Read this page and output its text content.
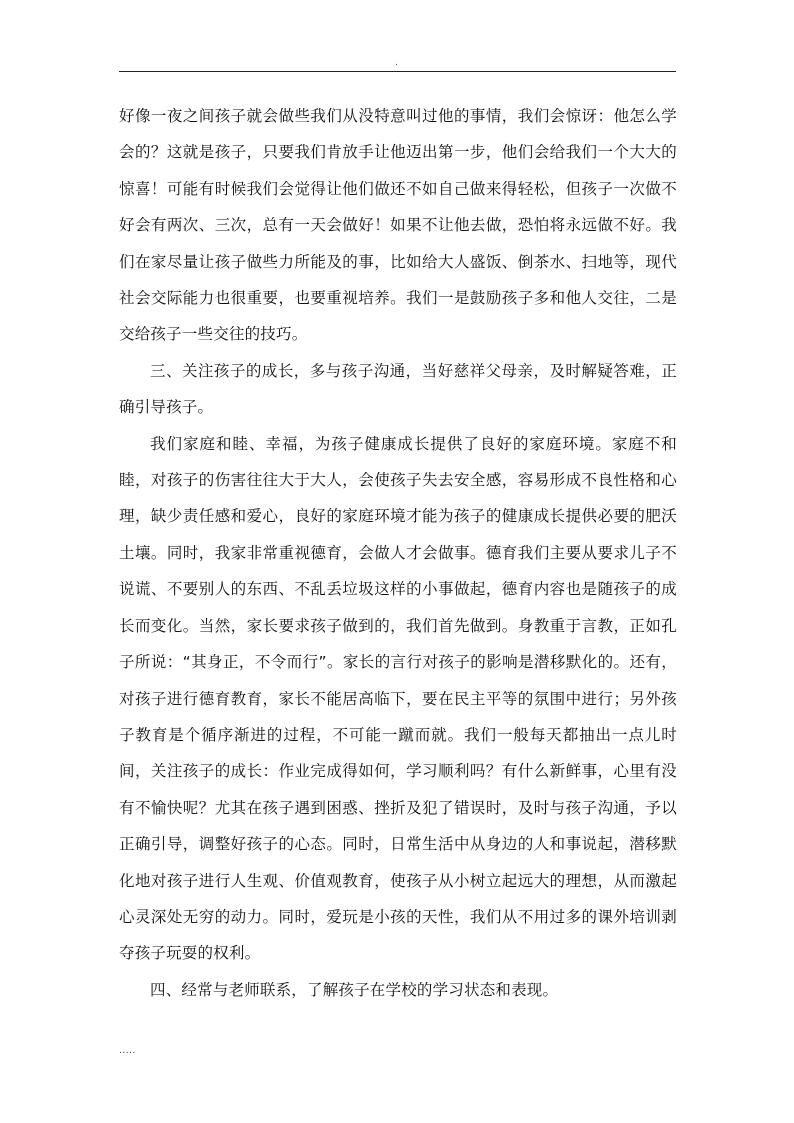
.

好像一夜之间孩子就会做些我们从没特意叫过他的事情，我们会惊讶：他怎么学会的？这就是孩子，只要我们肯放手让他迈出第一步，他们会给我们一个大大的惊喜！可能有时候我们会觉得让他们做还不如自己做来得轻松，但孩子一次做不好会有两次、三次，总有一天会做好！如果不让他去做，恐怕将永远做不好。我们在家尽量让孩子做些力所能及的事，比如给大人盛饭、倒茶水、扫地等，现代社会交际能力也很重要，也要重视培养。我们一是鼓励孩子多和他人交往，二是交给孩子一些交往的技巧。

三、关注孩子的成长，多与孩子沟通，当好慈祥父母亲，及时解疑答难，正确引导孩子。

我们家庭和睦、幸福，为孩子健康成长提供了良好的家庭环境。家庭不和睦，对孩子的伤害往往大于大人，会使孩子失去安全感，容易形成不良性格和心理，缺少责任感和爱心，良好的家庭环境才能为孩子的健康成长提供必要的肥沃土壤。同时，我家非常重视德育，会做人才会做事。德育我们主要从要求儿子不说谎、不要别人的东西、不乱丢垃圾这样的小事做起，德育内容也是随孩子的成长而变化。当然，家长要求孩子做到的，我们首先做到。身教重于言教，正如孔子所说：“其身正，不令而行”。家长的言行对孩子的影响是潜移默化的。还有，对孩子进行德育教育，家长不能居高临下，要在民主平等的氛围中进行；另外孩子教育是个循序渐进的过程，不可能一蹴而就。我们一般每天都抽出一点儿时间，关注孩子的成长：作业完成得如何，学习顺利吗？有什么新鲜事，心里有没有不愉快呢？尤其在孩子遇到困惑、挫折及犯了错误时，及时与孩子沟通，予以正确引导，调整好孩子的心态。同时，日常生活中从身边的人和事说起，潜移默化地对孩子进行人生观、价值观教育，使孩子从小树立起远大的理想，从而激起心灵深处无穷的动力。同时，爱玩是小孩的天性，我们从不用过多的课外培训剥夺孩子玩耍的权利。

四、经常与老师联系，了解孩子在学校的学习状态和表现。

.....
